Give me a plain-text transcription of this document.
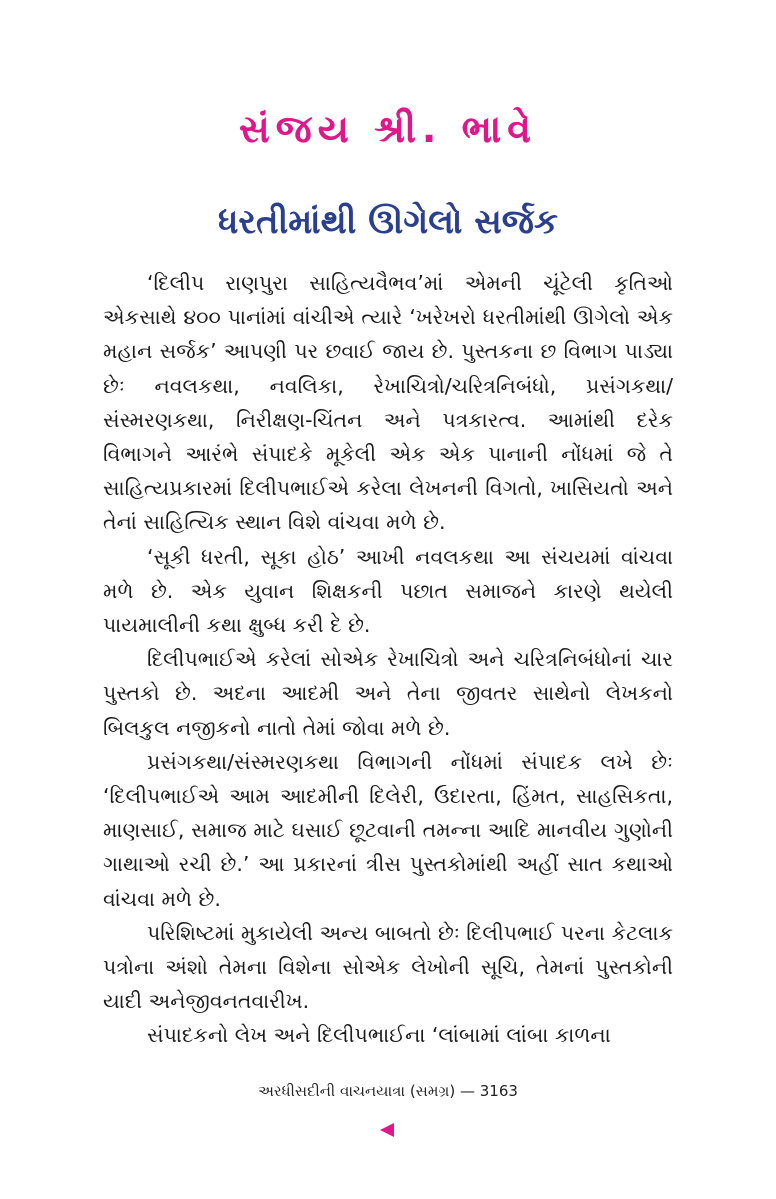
સંજય શ્રી. ભાવે
ધરતીમાંથી ઊગેલો સર્જક

‘દિલીપ રાણપુરા સાહિત્યવૈભવ’માં એમની ચૂંટેલી કૃતિઓ એકસાથે ૪૦૦ પાનાંમાં વાંચીએ ત્યારે ‘ખરેખરો ધરતીમાંથી ઊગેલો એક મહાન સર્જક’ આપણી પર છવાઈ જાય છે. પુસ્તકના છ વિભાગ પાડ્યા છેઃ નવલકથા, નવલિકા, રેખાચિત્રો/ચરિત્રનિબંધો, પ્રસંગકથા/સંસ્મરણકથા, નિરીક્ષણ-ચિંતન અને પત્રકારત્વ. આમાંથી દરેક વિભાગને આરંભે સંપાદકે મૂકેલી એક એક પાનાની નોંધમાં જે તે સાહિત્યપ્રકારમાં દિલીપભાઈએ કરેલા લેખનની વિગતો, ખાસિયતો અને તેનાં સાહિત્યિક સ્થાન વિશે વાંચવા મળે છે.

‘સૂકી ધરતી, સૂકા હોઠ’ આખી નવલકથા આ સંચયમાં વાંચવા મળે છે. એક યુવાન શિક્ષકની પછાત સમાજને કારણે થયેલી પાયમાલીની કથા ક્ષુબ્ધ કરી દે છે.

દિલીપભાઈએ કરેલાં સોએક રેખાચિત્રો અને ચરિત્રનિબંધોનાં ચાર પુસ્તકો છે. અદના આદમી અને તેના જીવતર સાથેનો લેખકનો બિલકુલ નજીકનો નાતો તેમાં જોવા મળે છે.

પ્રસંગકથા/સંસ્મરણકથા વિભાગની નોંધમાં સંપાદક લખે છેઃ ‘દિલીપભાઈએ આમ આદમીની દિલેરી, ઉદારતા, હિંમત, સાહસિકતા, માણસાઈ, સમાજ માટે ઘસાઈ છૂટવાની તમન્ના આદિ માનવીય ગુણોની ગાથાઓ રચી છે.’ આ પ્રકારનાં ત્રીસ પુસ્તકોમાંથી અહીં સાત કથાઓ વાંચવા મળે છે.

પરિશિષ્ટમાં મુકાયેલી અન્ય બાબતો છેઃ દિલીપભાઈ પરના કેટલાક પત્રોના અંશો તેમના વિશેના સોએક લેખોની સૂચિ, તેમનાં પુસ્તકોની યાદી અનેજીવનતવારીખ.

સંપાદકનો લેખ અને દિલીપભાઈના ‘લાંબામાં લાંબા કાળના

અરધીસદીની વાચનયાત્રા (સમગ્ર) — 3163
